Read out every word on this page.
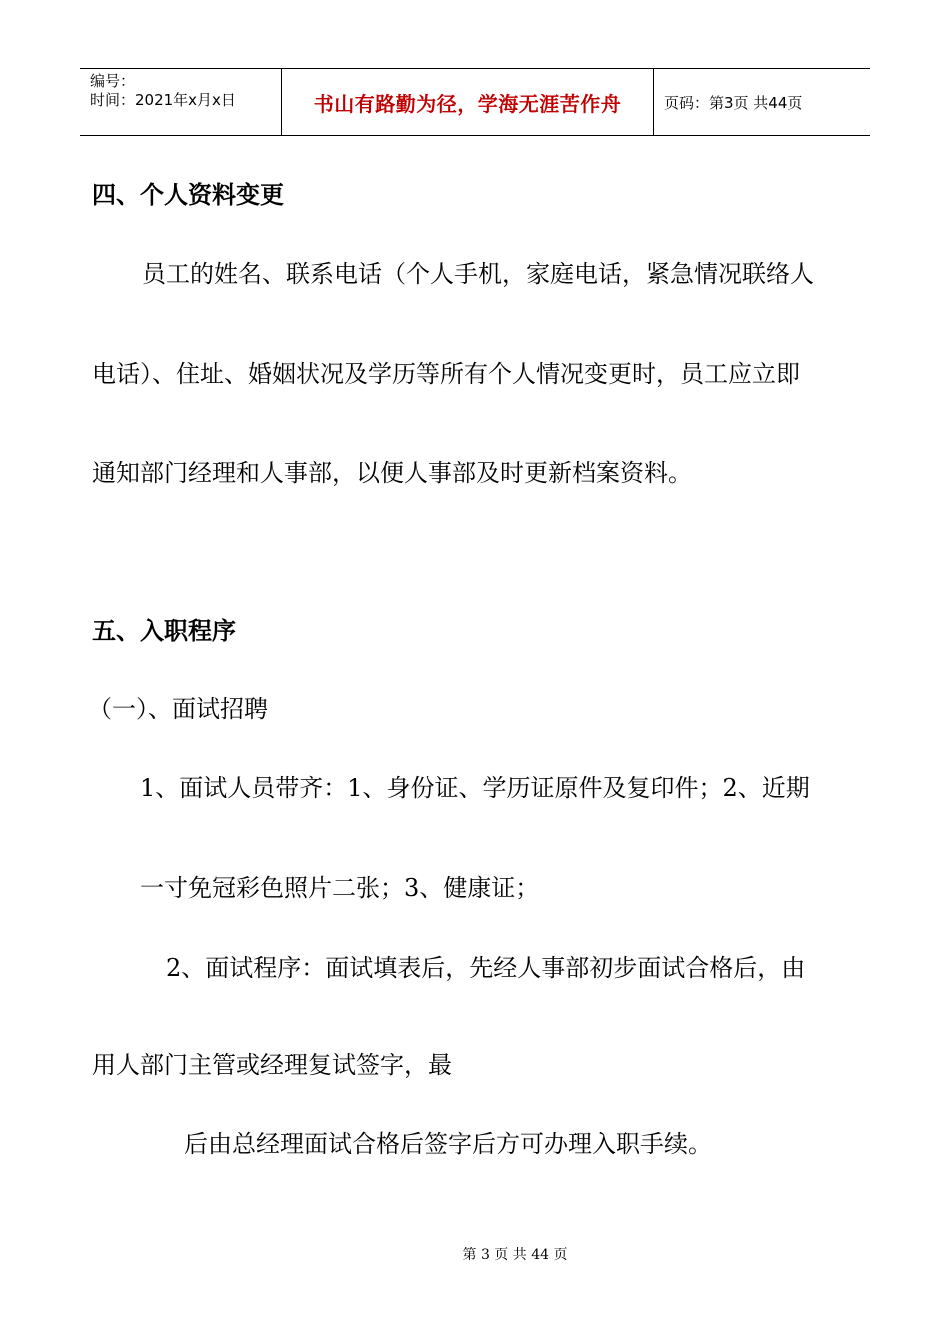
编号：
时间：2021年x月x日	书山有路勤为径，学海无涯苦作舟	页码：第3页 共44页
四、个人资料变更
员工的姓名、联系电话（个人手机，家庭电话，紧急情况联络人
电话）、住址、婚姻状况及学历等所有个人情况变更时，员工应立即
通知部门经理和人事部，以便人事部及时更新档案资料。
五、入职程序
（一）、面试招聘
1、面试人员带齐：1、身份证、学历证原件及复印件；2、近期
一寸免冠彩色照片二张；3、健康证；
2、面试程序：面试填表后，先经人事部初步面试合格后，由
用人部门主管或经理复试签字，最
后由总经理面试合格后签字后方可办理入职手续。
第 3 页 共 44 页
